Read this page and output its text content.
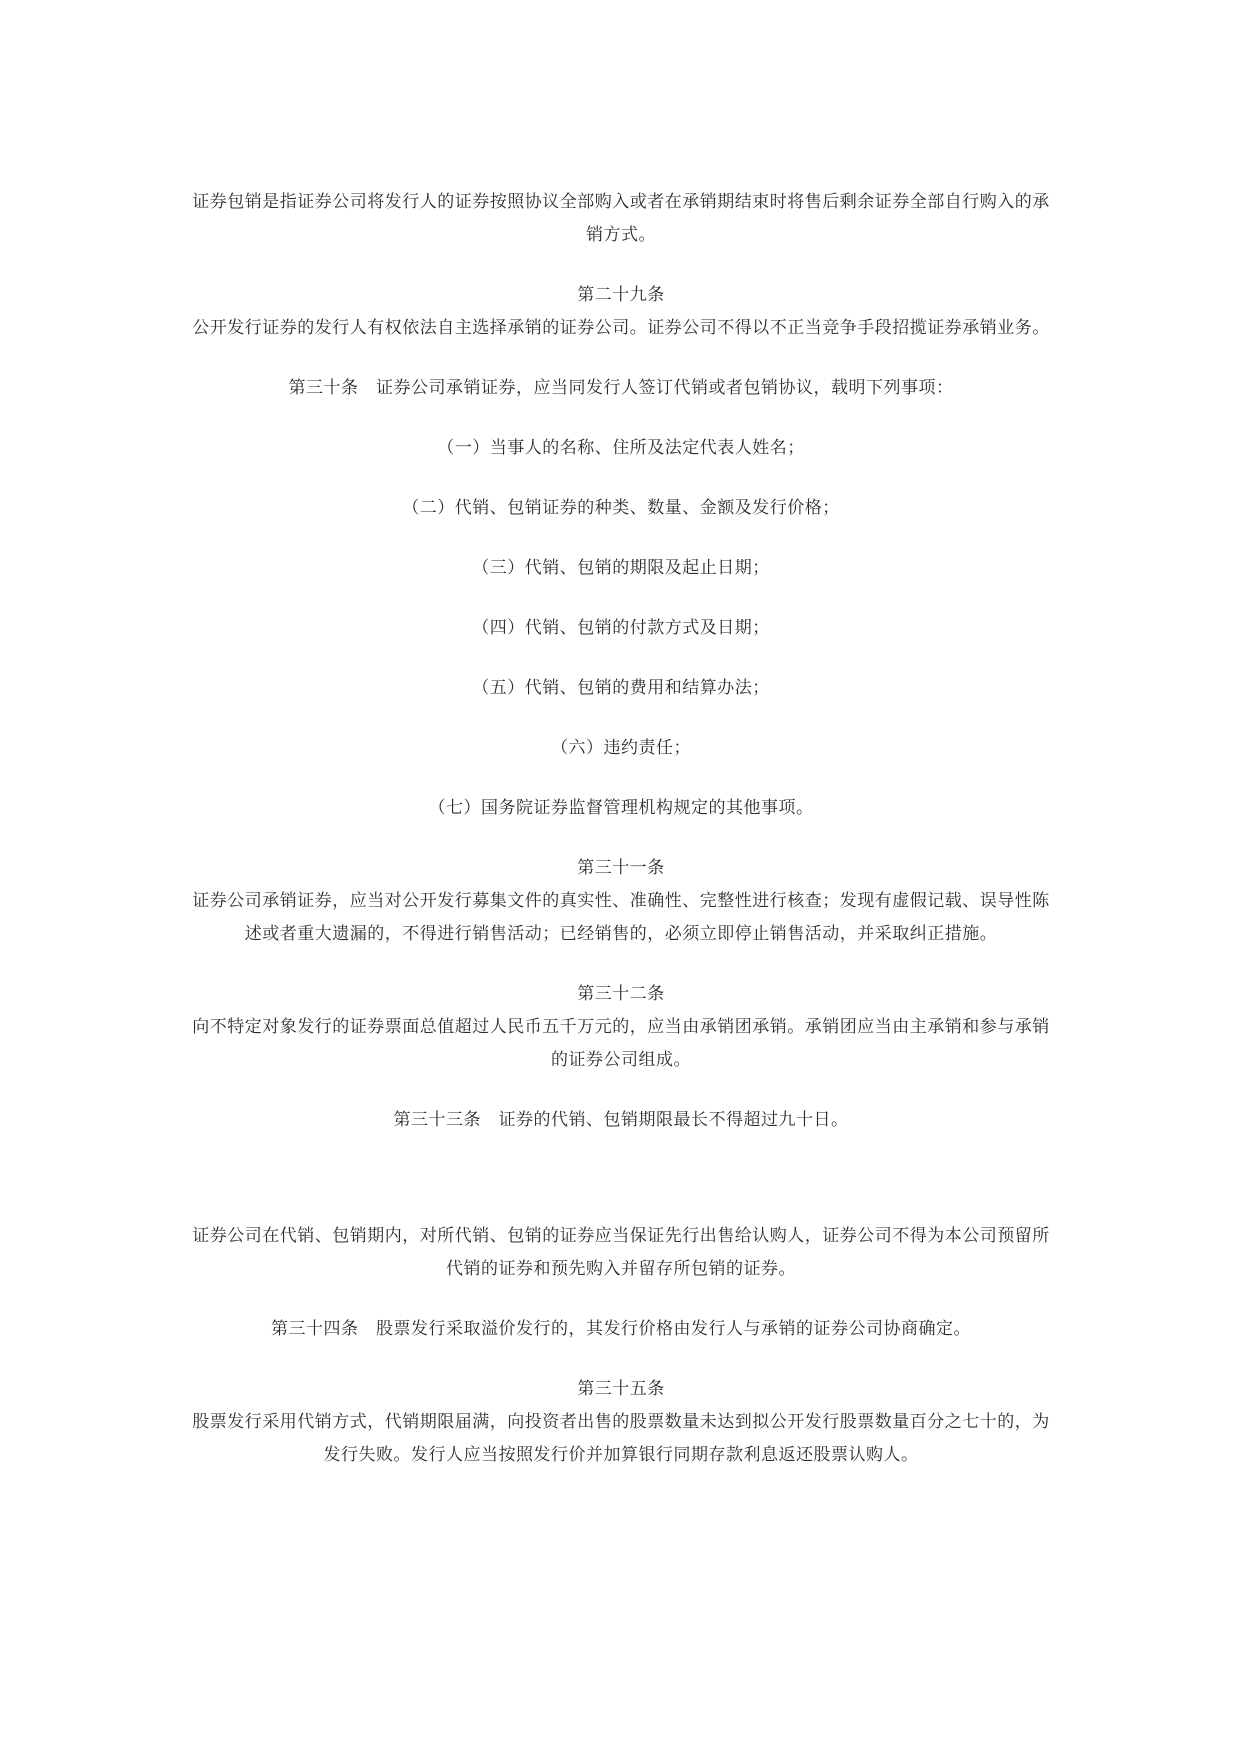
证券包销是指证券公司将发行人的证券按照协议全部购入或者在承销期结束时将售后剩余证券全部自行购入的承销方式。

第二十九条

公开发行证券的发行人有权依法自主选择承销的证券公司。证券公司不得以不正当竞争手段招揽证券承销业务。

第三十条　证券公司承销证券，应当同发行人签订代销或者包销协议，载明下列事项：

（一）当事人的名称、住所及法定代表人姓名；

（二）代销、包销证券的种类、数量、金额及发行价格；

（三）代销、包销的期限及起止日期；

（四）代销、包销的付款方式及日期；

（五）代销、包销的费用和结算办法；

（六）违约责任；

（七）国务院证券监督管理机构规定的其他事项。

第三十一条

证券公司承销证券，应当对公开发行募集文件的真实性、准确性、完整性进行核查；发现有虚假记载、误导性陈述或者重大遗漏的，不得进行销售活动；已经销售的，必须立即停止销售活动，并采取纠正措施。

第三十二条

向不特定对象发行的证券票面总值超过人民币五千万元的，应当由承销团承销。承销团应当由主承销和参与承销的证券公司组成。

第三十三条　证券的代销、包销期限最长不得超过九十日。

证券公司在代销、包销期内，对所代销、包销的证券应当保证先行出售给认购人，证券公司不得为本公司预留所代销的证券和预先购入并留存所包销的证券。

第三十四条　股票发行采取溢价发行的，其发行价格由发行人与承销的证券公司协商确定。

第三十五条

股票发行采用代销方式，代销期限届满，向投资者出售的股票数量未达到拟公开发行股票数量百分之七十的，为发行失败。发行人应当按照发行价并加算银行同期存款利息返还股票认购人。
